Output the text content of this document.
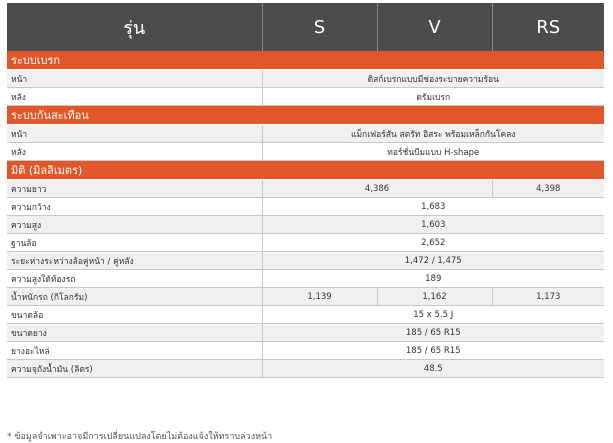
รุ่น	S	V	RS
ระบบเบรก			
หน้า	ดิสก์เบรกแบบมีช่องระบายความร้อน		
หลัง	ดรัมเบรก		
ระบบกันสะเทือน			
หน้า	แม็กเฟอร์สัน สตรัท อิสระ พร้อมเหล็กกันโคลง		
หลัง	ทอร์ชั่นบีมแบบ H-shape		
มิติ (มิลลิเมตร)			
ความยาว	4,386		4,398
ความกว้าง	1,683		
ความสูง	1,603		
ฐานล้อ	2,652		
ระยะห่างระหว่างล้อคู่หน้า / คู่หลัง	1,472 / 1,475		
ความสูงใต้ท้องรถ	189		
น้ำหนักรถ (กิโลกรัม)	1,139	1,162	1,173
ขนาดล้อ	15 x 5.5 J		
ขนาดยาง	185 / 65 R15		
ยางอะไหล่	185 / 65 R15		
ความจุถังน้ำมัน (ลิตร)	48.5		
* ข้อมูลจำเพาะอาจมีการเปลี่ยนแปลงโดยไม่ต้องแจ้งให้ทราบล่วงหน้า
